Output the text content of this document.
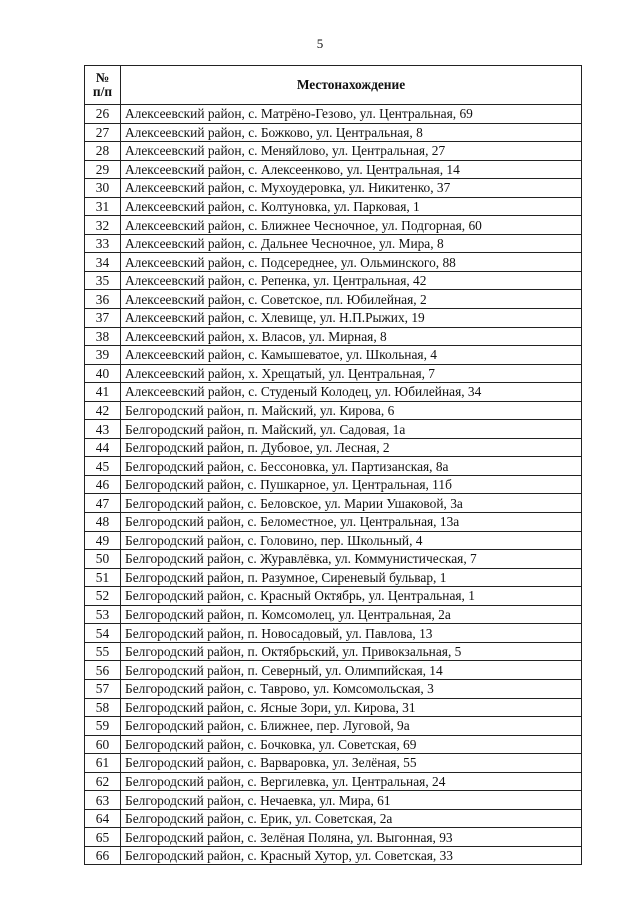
5
№
п/п	Местонахождение
26	Алексеевский район, с. Матрёно-Гезово, ул. Центральная, 69
27	Алексеевский район, с. Божково, ул. Центральная, 8
28	Алексеевский район, с. Меняйлово, ул. Центральная, 27
29	Алексеевский район, с. Алексеенково, ул. Центральная, 14
30	Алексеевский район, с. Мухоудеровка, ул. Никитенко, 37
31	Алексеевский район, с. Колтуновка, ул. Парковая, 1
32	Алексеевский район, с. Ближнее Чесночное, ул. Подгорная, 60
33	Алексеевский район, с. Дальнее Чесночное, ул. Мира, 8
34	Алексеевский район, с. Подсереднее, ул. Ольминского, 88
35	Алексеевский район, с. Репенка, ул. Центральная, 42
36	Алексеевский район, с. Советское, пл. Юбилейная, 2
37	Алексеевский район, с. Хлевище, ул. Н.П.Рыжих, 19
38	Алексеевский район, х. Власов, ул. Мирная, 8
39	Алексеевский район, с. Камышеватое, ул. Школьная, 4
40	Алексеевский район, х. Хрещатый, ул. Центральная, 7
41	Алексеевский район, с. Студеный Колодец, ул. Юбилейная, 34
42	Белгородский район, п. Майский, ул. Кирова, 6
43	Белгородский район, п. Майский, ул. Садовая, 1а
44	Белгородский район, п. Дубовое, ул. Лесная, 2
45	Белгородский район, с. Бессоновка, ул. Партизанская, 8а
46	Белгородский район, с. Пушкарное, ул. Центральная, 11б
47	Белгородский район, с. Беловское, ул. Марии Ушаковой, 3а
48	Белгородский район, с. Беломестное, ул. Центральная, 13а
49	Белгородский район, с. Головино, пер. Школьный, 4
50	Белгородский район, с. Журавлёвка, ул. Коммунистическая, 7
51	Белгородский район, п. Разумное, Сиреневый бульвар, 1
52	Белгородский район, с. Красный Октябрь, ул. Центральная, 1
53	Белгородский район, п. Комсомолец, ул. Центральная, 2а
54	Белгородский район, п. Новосадовый, ул. Павлова, 13
55	Белгородский район, п. Октябрьский, ул. Привокзальная, 5
56	Белгородский район, п. Северный, ул. Олимпийская, 14
57	Белгородский район, с. Таврово, ул. Комсомольская, 3
58	Белгородский район, с. Ясные Зори, ул. Кирова, 31
59	Белгородский район, с. Ближнее, пер. Луговой, 9а
60	Белгородский район, с. Бочковка, ул. Советская, 69
61	Белгородский район, с. Варваровка, ул. Зелёная, 55
62	Белгородский район, с. Вергилевка, ул. Центральная, 24
63	Белгородский район, с. Нечаевка, ул. Мира, 61
64	Белгородский район, с. Ерик, ул. Советская, 2а
65	Белгородский район, с. Зелёная Поляна, ул. Выгонная, 93
66	Белгородский район, с. Красный Хутор, ул. Советская, 33
